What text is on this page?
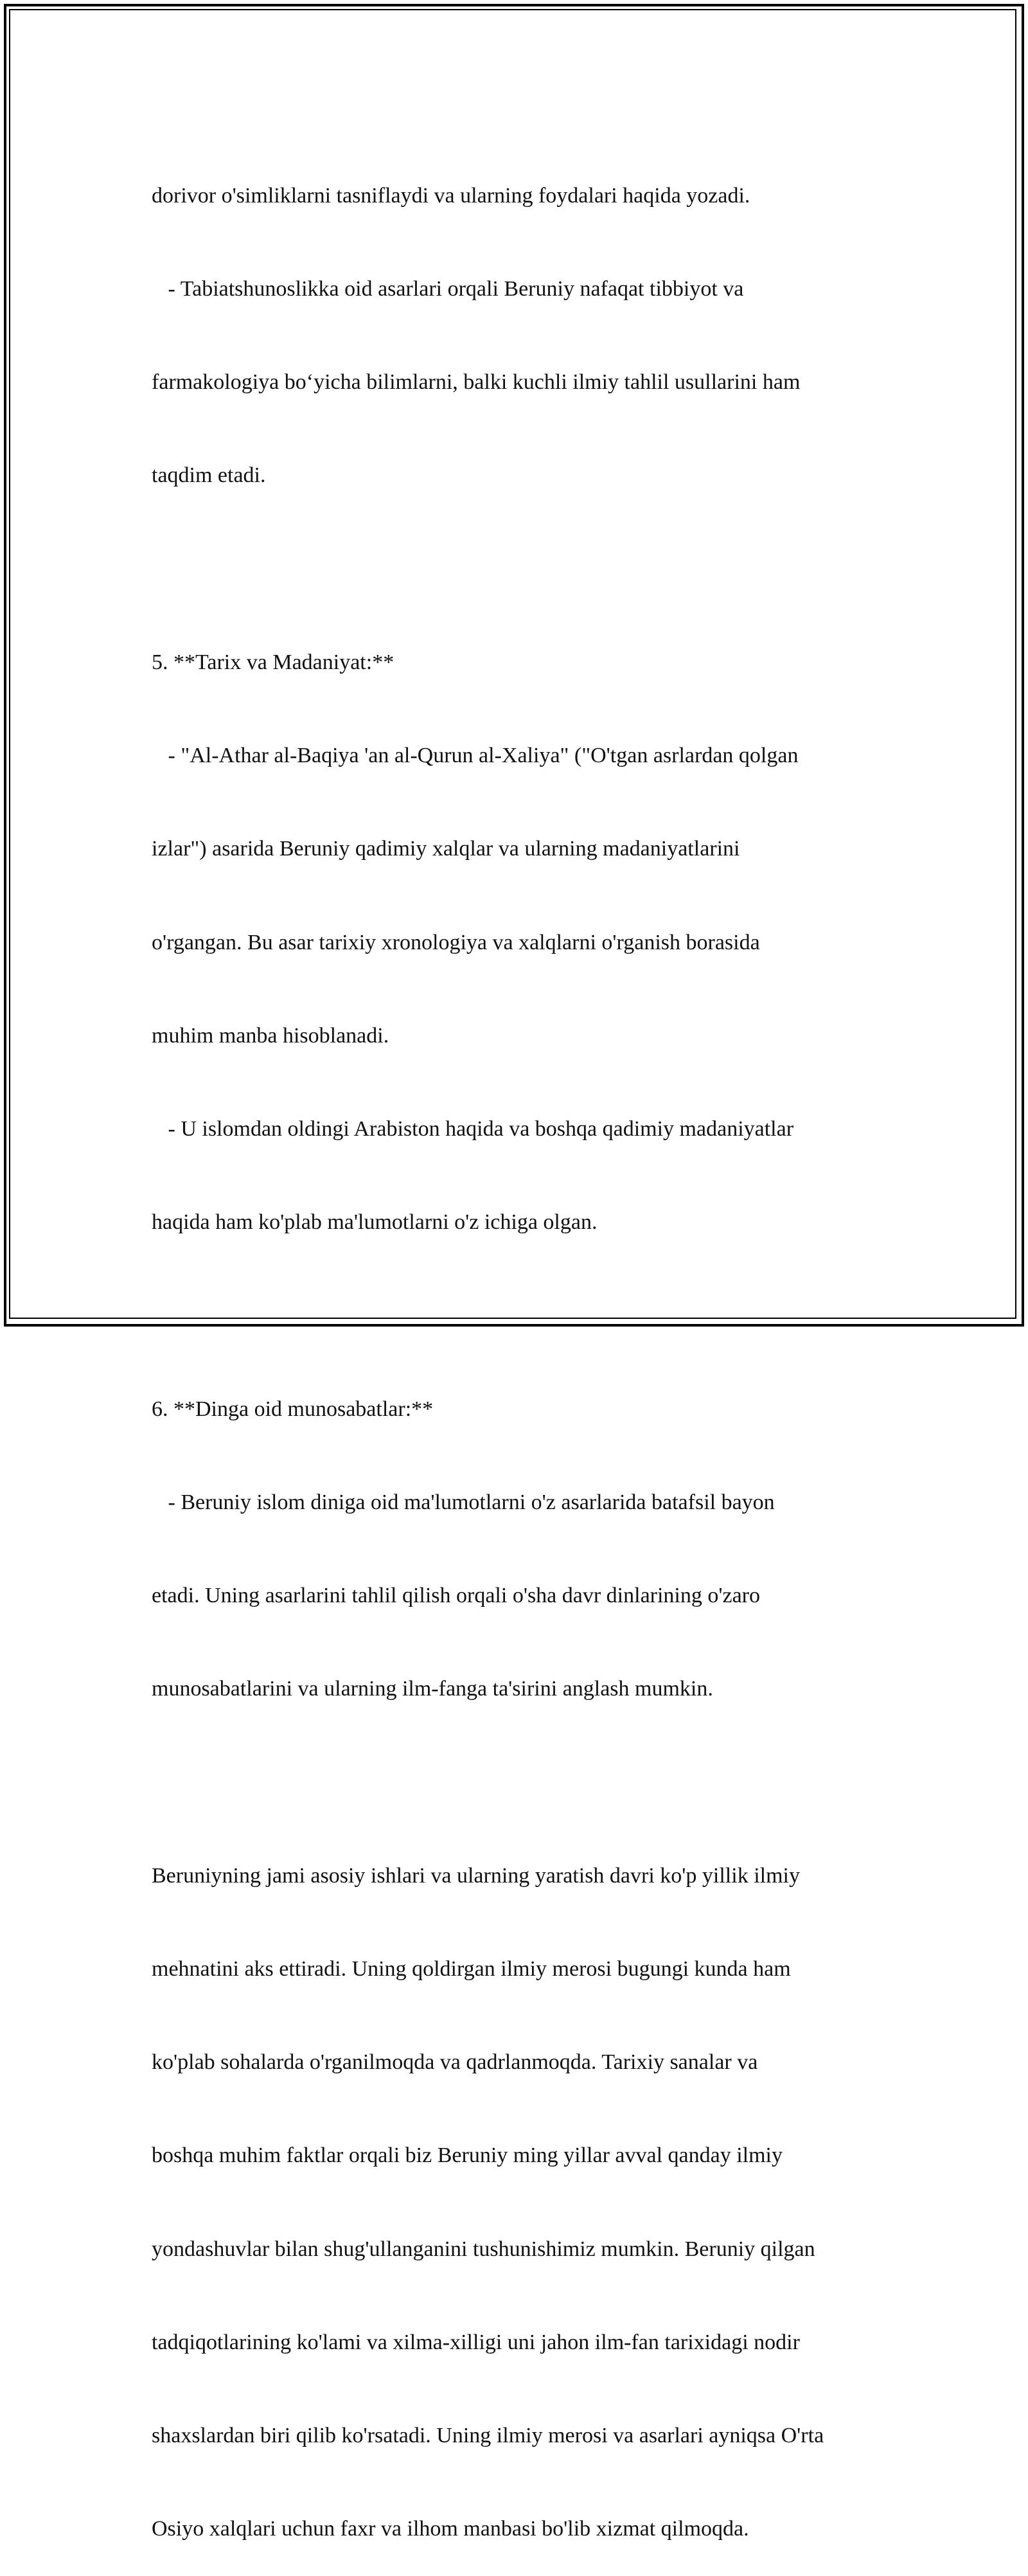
dorivor o'simliklarni tasniflaydi va ularning foydalari haqida yozadi.

- Tabiatshunoslikka oid asarlari orqali Beruniy nafaqat tibbiyot va

farmakologiya bo‘yicha bilimlarni, balki kuchli ilmiy tahlil usullarini ham

taqdim etadi.

5. **Tarix va Madaniyat:**

- "Al-Athar al-Baqiya 'an al-Qurun al-Xaliya" ("O'tgan asrlardan qolgan

izlar") asarida Beruniy qadimiy xalqlar va ularning madaniyatlarini

o'rgangan. Bu asar tarixiy xronologiya va xalqlarni o'rganish borasida

muhim manba hisoblanadi.

- U islomdan oldingi Arabiston haqida va boshqa qadimiy madaniyatlar

haqida ham ko'plab ma'lumotlarni o'z ichiga olgan.

6. **Dinga oid munosabatlar:**

- Beruniy islom diniga oid ma'lumotlarni o'z asarlarida batafsil bayon

etadi. Uning asarlarini tahlil qilish orqali o'sha davr dinlarining o'zaro

munosabatlarini va ularning ilm-fanga ta'sirini anglash mumkin.

Beruniyning jami asosiy ishlari va ularning yaratish davri ko'p yillik ilmiy

mehnatini aks ettiradi. Uning qoldirgan ilmiy merosi bugungi kunda ham

ko'plab sohalarda o'rganilmoqda va qadrlanmoqda. Tarixiy sanalar va

boshqa muhim faktlar orqali biz Beruniy ming yillar avval qanday ilmiy

yondashuvlar bilan shug'ullanganini tushunishimiz mumkin. Beruniy qilgan

tadqiqotlarining ko'lami va xilma-xilligi uni jahon ilm-fan tarixidagi nodir

shaxslardan biri qilib ko'rsatadi. Uning ilmiy merosi va asarlari ayniqsa O'rta

Osiyo xalqlari uchun faxr va ilhom manbasi bo'lib xizmat qilmoqda.
